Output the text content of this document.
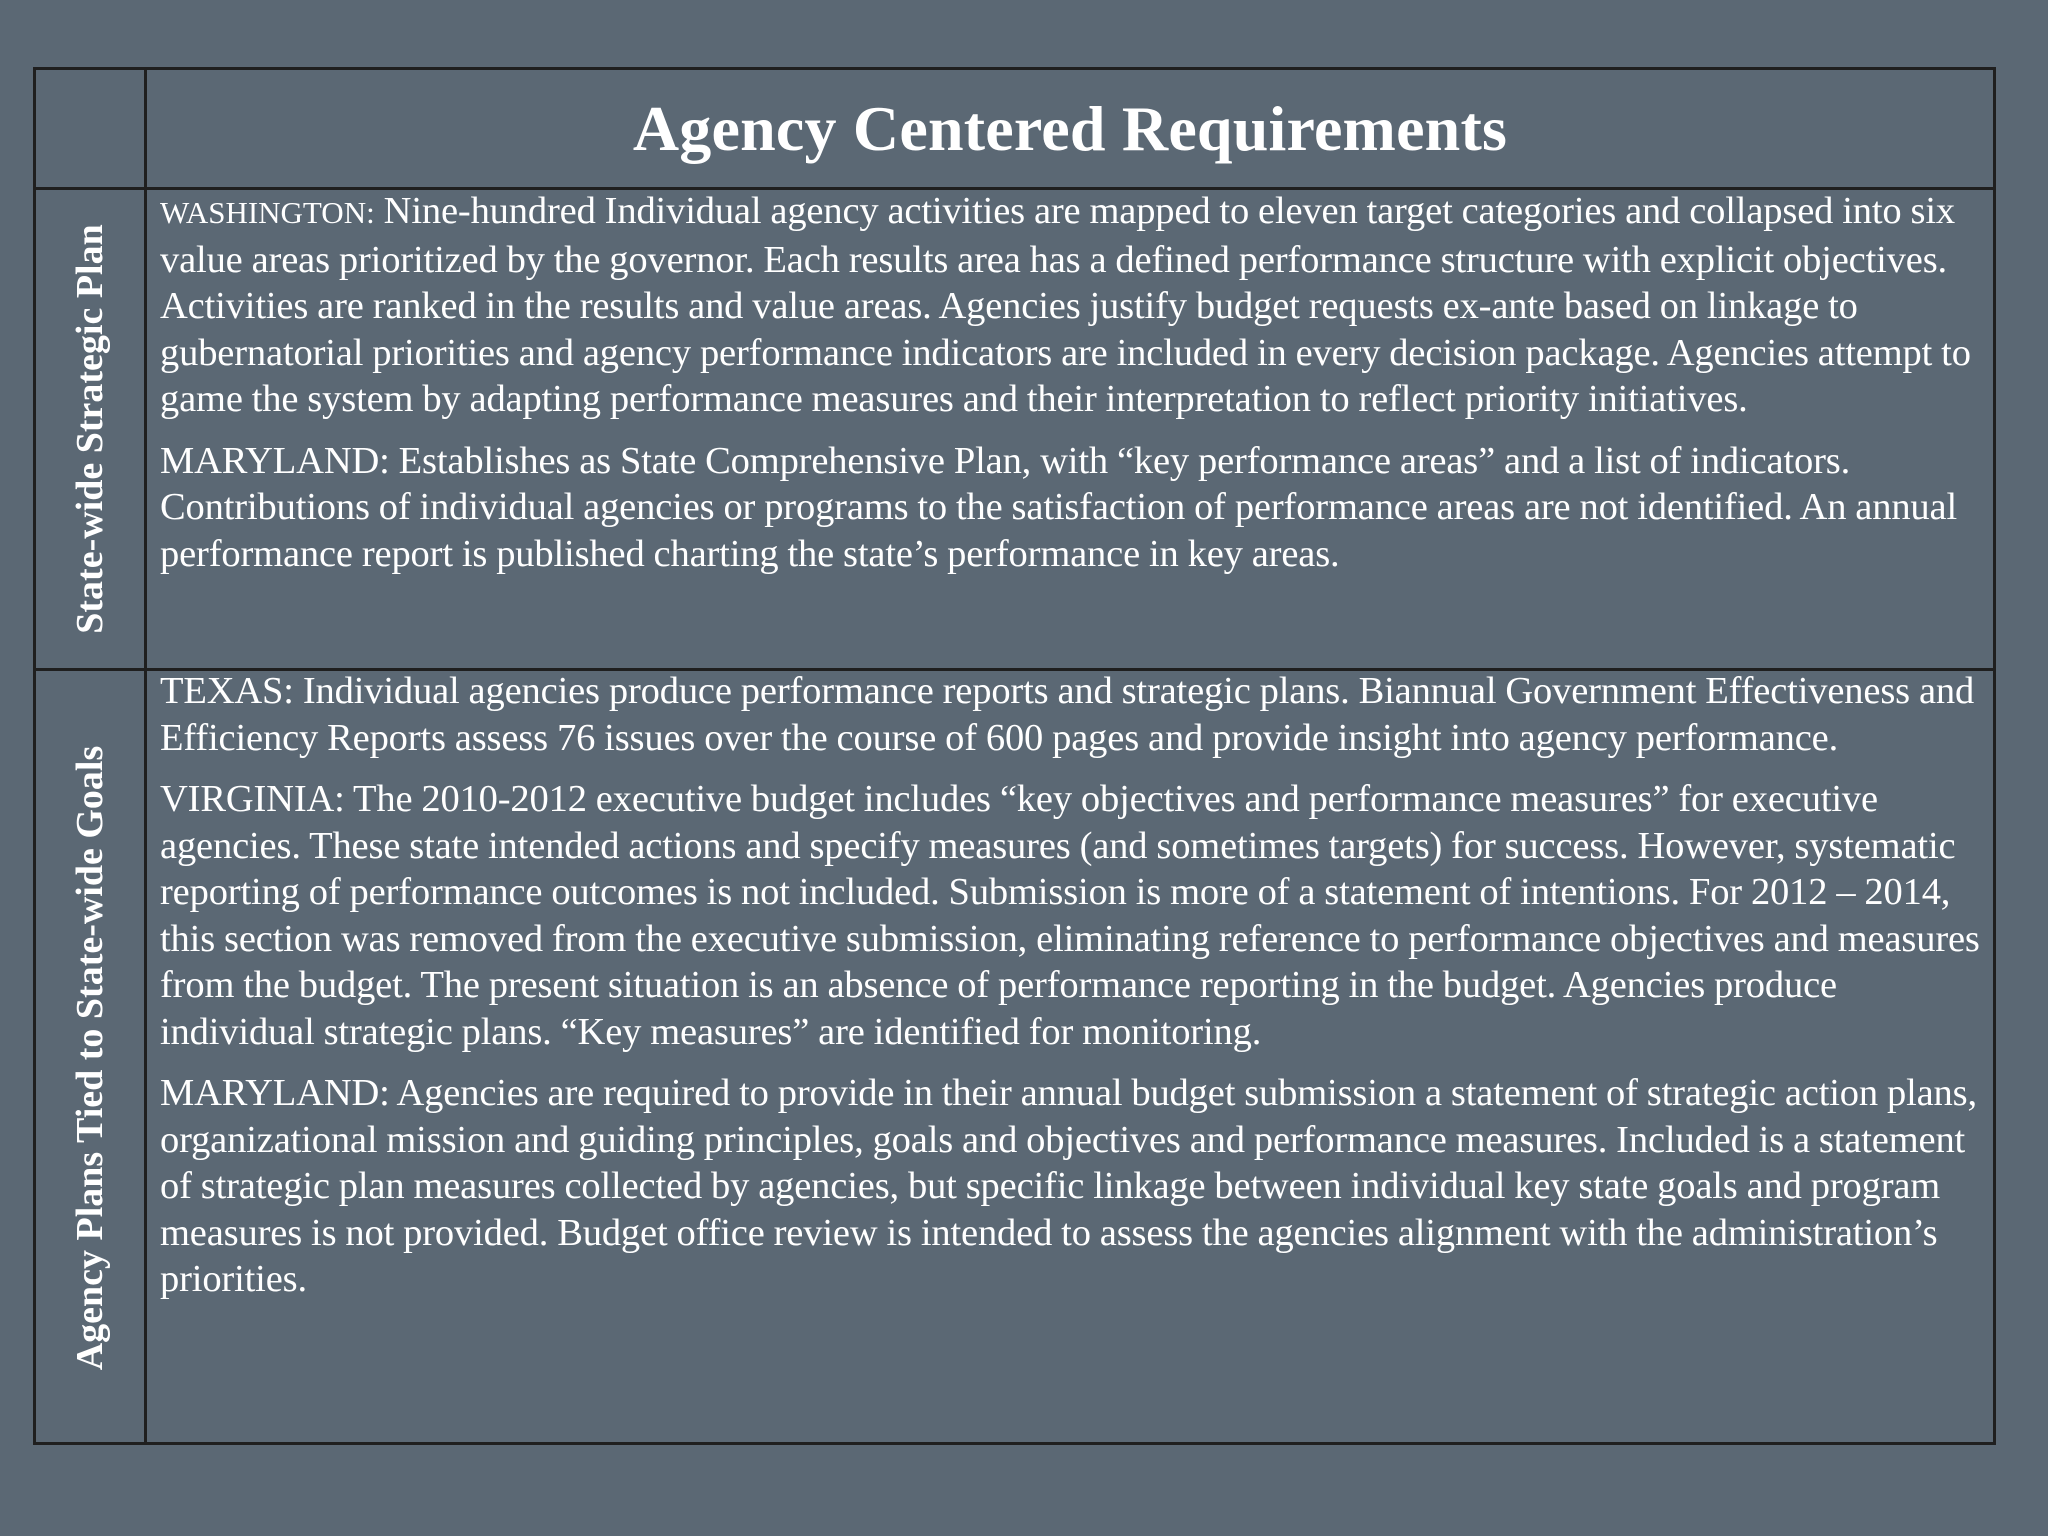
Agency Centered Requirements
State-wide Strategic Plan
Agency Plans Tied to State-wide Goals

WASHINGTON: Nine-hundred Individual agency activities are mapped to eleven target categories and collapsed into six value areas prioritized by the governor. Each results area has a defined performance structure with explicit objectives. Activities are ranked in the results and value areas. Agencies justify budget requests ex-ante based on linkage to gubernatorial priorities and agency performance indicators are included in every decision package. Agencies attempt to game the system by adapting performance measures and their interpretation to reflect priority initiatives.

MARYLAND: Establishes as State Comprehensive Plan, with “key performance areas” and a list of indicators. Contributions of individual agencies or programs to the satisfaction of performance areas are not identified. An annual performance report is published charting the state’s performance in key areas.

TEXAS: Individual agencies produce performance reports and strategic plans. Biannual Government Effectiveness and Efficiency Reports assess 76 issues over the course of 600 pages and provide insight into agency performance.

VIRGINIA: The 2010-2012 executive budget includes “key objectives and performance measures” for executive agencies. These state intended actions and specify measures (and sometimes targets) for success. However, systematic reporting of performance outcomes is not included. Submission is more of a statement of intentions. For 2012 – 2014, this section was removed from the executive submission, eliminating reference to performance objectives and measures from the budget. The present situation is an absence of performance reporting in the budget. Agencies produce individual strategic plans. “Key measures” are identified for monitoring.

MARYLAND: Agencies are required to provide in their annual budget submission a statement of strategic action plans, organizational mission and guiding principles, goals and objectives and performance measures. Included is a statement of strategic plan measures collected by agencies, but specific linkage between individual key state goals and program measures is not provided. Budget office review is intended to assess the agencies alignment with the administration’s priorities.
